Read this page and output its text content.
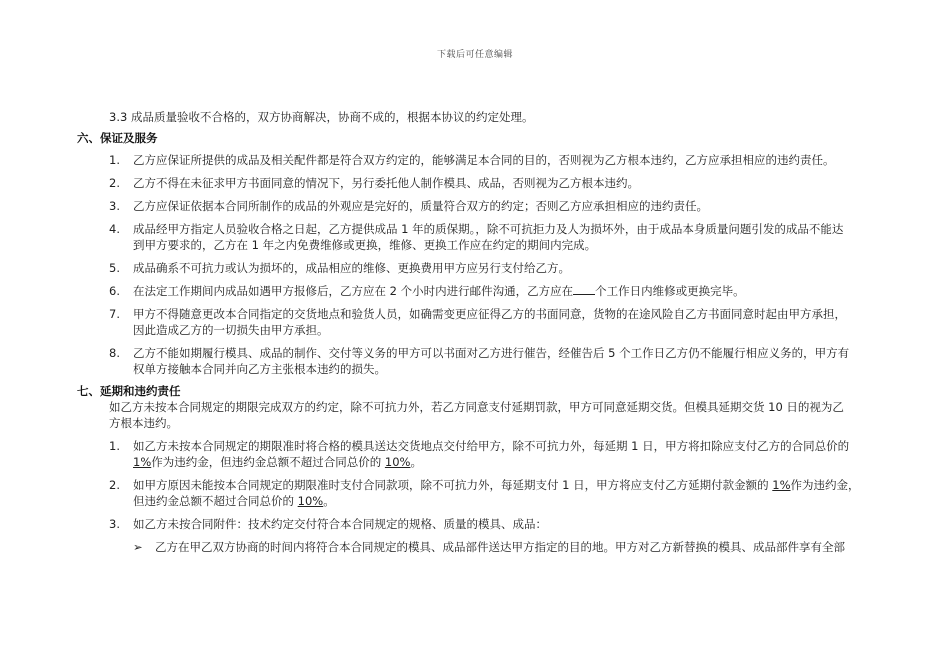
下载后可任意编辑
3.3 成品质量验收不合格的，双方协商解决，协商不成的，根据本协议的约定处理。
六、保证及服务
1. 乙方应保证所提供的成品及相关配件都是符合双方约定的，能够满足本合同的目的，否则视为乙方根本违约，乙方应承担相应的违约责任。
2. 乙方不得在未征求甲方书面同意的情况下，另行委托他人制作模具、成品，否则视为乙方根本违约。
3. 乙方应保证依据本合同所制作的成品的外观应是完好的，质量符合双方的约定；否则乙方应承担相应的违约责任。
4. 成品经甲方指定人员验收合格之日起，乙方提供成品 1 年的质保期。，除不可抗拒力及人为损坏外，由于成品本身质量问题引发的成品不能达
到甲方要求的，乙方在 1 年之内免费维修或更换，维修、更换工作应在约定的期间内完成。
5. 成品确系不可抗力或认为损坏的，成品相应的维修、更换费用甲方应另行支付给乙方。
6. 在法定工作期间内成品如遇甲方报修后，乙方应在 2 个小时内进行邮件沟通，乙方应在 个工作日内维修或更换完毕。
7. 甲方不得随意更改本合同指定的交货地点和验货人员，如确需变更应征得乙方的书面同意，货物的在途风险自乙方书面同意时起由甲方承担，
因此造成乙方的一切损失由甲方承担。
8. 乙方不能如期履行模具、成品的制作、交付等义务的甲方可以书面对乙方进行催告，经催告后 5 个工作日乙方仍不能履行相应义务的，甲方有
权单方接触本合同并向乙方主张根本违约的损失。
七、延期和违约责任
如乙方未按本合同规定的期限完成双方的约定，除不可抗力外，若乙方同意支付延期罚款，甲方可同意延期交货。但模具延期交货 10 日的视为乙
方根本违约。
1. 如乙方未按本合同规定的期限准时将合格的模具送达交货地点交付给甲方，除不可抗力外，每延期 1 日，甲方将扣除应支付乙方的合同总价的
1%作为违约金，但违约金总额不超过合同总价的 10%。
2. 如甲方原因未能按本合同规定的期限准时支付合同款项，除不可抗力外，每延期支付 1 日，甲方将应支付乙方延期付款金额的 1%作为违约金，
但违约金总额不超过合同总价的 10%。
3. 如乙方未按合同附件：技术约定交付符合本合同规定的规格、质量的模具、成品：
➢ 乙方在甲乙双方协商的时间内将符合本合同规定的模具、成品部件送达甲方指定的目的地。甲方对乙方新替换的模具、成品部件享有全部
